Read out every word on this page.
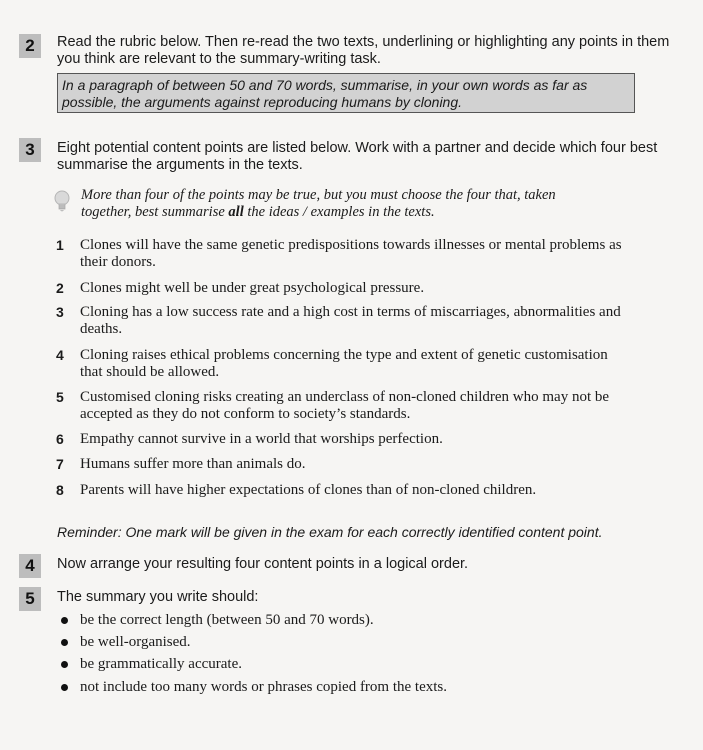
2	Read the rubric below. Then re-read the two texts, underlining or highlighting any points in them

you think are relevant to the summary-writing task.

In a paragraph of between 50 and 70 words, summarise, in your own words as far as
possible, the arguments against reproducing humans by cloning.
3	Eight potential content points are listed below. Work with a partner and decide which four best

summarise the arguments in the texts.

More than four of the points may be true, but you must choose the four that, taken
together, best summarise all the ideas / examples in the texts.
1 Clones will have the same genetic predispositions towards illnesses or mental problems as
their donors.
2 Clones might well be under great psychological pressure.
3 Cloning has a low success rate and a high cost in terms of miscarriages, abnormalities and
deaths.
4 Cloning raises ethical problems concerning the type and extent of genetic customisation
that should be allowed.
5 Customised cloning risks creating an underclass of non-cloned children who may not be
accepted as they do not conform to society’s standards.
6 Empathy cannot survive in a world that worships perfection.
7 Humans suffer more than animals do.
8 Parents will have higher expectations of clones than of non-cloned children.
Reminder: One mark will be given in the exam for each correctly identified content point.
4	Now arrange your resulting four content points in a logical order.

5	The summary you write should:

be the correct length (between 50 and 70 words).
be well-organised.
be grammatically accurate.
not include too many words or phrases copied from the texts.
